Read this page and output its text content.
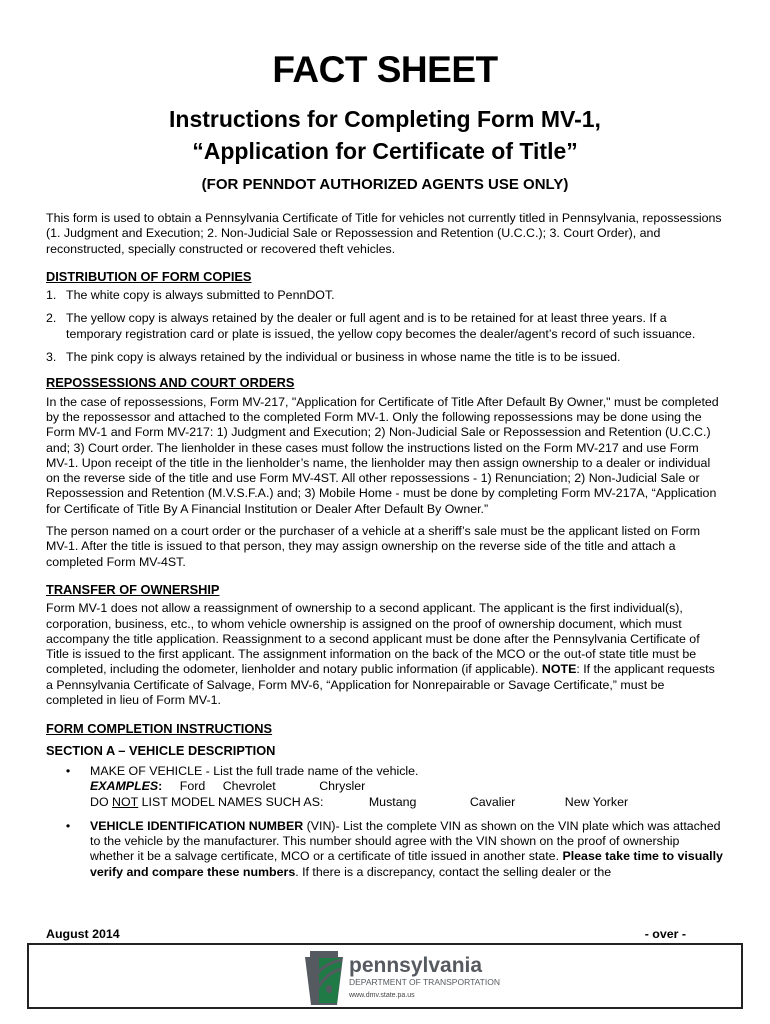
FACT SHEET
Instructions for Completing Form MV-1,
“Application for Certificate of Title”
(FOR PENNDOT AUTHORIZED AGENTS USE ONLY)

This form is used to obtain a Pennsylvania Certificate of Title for vehicles not currently titled in Pennsylvania, repossessions (1. Judgment and Execution; 2. Non-Judicial Sale or Repossession and Retention (U.C.C.); 3. Court Order), and reconstructed, specially constructed or recovered theft vehicles.

DISTRIBUTION OF FORM COPIES
1. The white copy is always submitted to PennDOT.
2. The yellow copy is always retained by the dealer or full agent and is to be retained for at least three years. If a temporary registration card or plate is issued, the yellow copy becomes the dealer/agent’s record of such issuance.
3. The pink copy is always retained by the individual or business in whose name the title is to be issued.
REPOSSESSIONS AND COURT ORDERS

In the case of repossessions, Form MV-217, "Application for Certificate of Title After Default By Owner," must be completed by the repossessor and attached to the completed Form MV-1. Only the following repossessions may be done using the Form MV-1 and Form MV-217: 1) Judgment and Execution; 2) Non-Judicial Sale or Repossession and Retention (U.C.C.) and; 3) Court order. The lienholder in these cases must follow the instructions listed on the Form MV-217 and use Form MV-1. Upon receipt of the title in the lienholder’s name, the lienholder may then assign ownership to a dealer or individual on the reverse side of the title and use Form MV-4ST. All other repossessions - 1) Renunciation; 2) Non-Judicial Sale or Repossession and Retention (M.V.S.F.A.) and; 3) Mobile Home - must be done by completing Form MV-217A, “Application for Certificate of Title By A Financial Institution or Dealer After Default By Owner.”

The person named on a court order or the purchaser of a vehicle at a sheriff’s sale must be the applicant listed on Form MV-1. After the title is issued to that person, they may assign ownership on the reverse side of the title and attach a completed Form MV-4ST.

TRANSFER OF OWNERSHIP

Form MV-1 does not allow a reassignment of ownership to a second applicant. The applicant is the first individual(s), corporation, business, etc., to whom vehicle ownership is assigned on the proof of ownership document, which must accompany the title application. Reassignment to a second applicant must be done after the Pennsylvania Certificate of Title is issued to the first applicant. The assignment information on the back of the MCO or the out-of state title must be completed, including the odometer, lienholder and notary public information (if applicable). NOTE: If the applicant requests a Pennsylvania Certificate of Salvage, Form MV-6, “Application for Nonrepairable or Savage Certificate,” must be completed in lieu of Form MV-1.

FORM COMPLETION INSTRUCTIONS
SECTION A – VEHICLE DESCRIPTION
•	MAKE OF VEHICLE - List the full trade name of the vehicle.
EXAMPLES: Ford Chevrolet	Chrysler
DO NOT LIST MODEL NAMES SUCH AS:	Mustang	Cavalier	New Yorker
•	VEHICLE IDENTIFICATION NUMBER (VIN)- List the complete VIN as shown on the VIN plate which was attached to the vehicle by the manufacturer. This number should agree with the VIN shown on the proof of ownership whether it be a salvage certificate, MCO or a certificate of title issued in another state. Please take time to visually verify and compare these numbers. If there is a discrepancy, contact the selling dealer or the
August 2014	- over -
pennsylvania
DEPARTMENT OF TRANSPORTATION
www.dmv.state.pa.us
